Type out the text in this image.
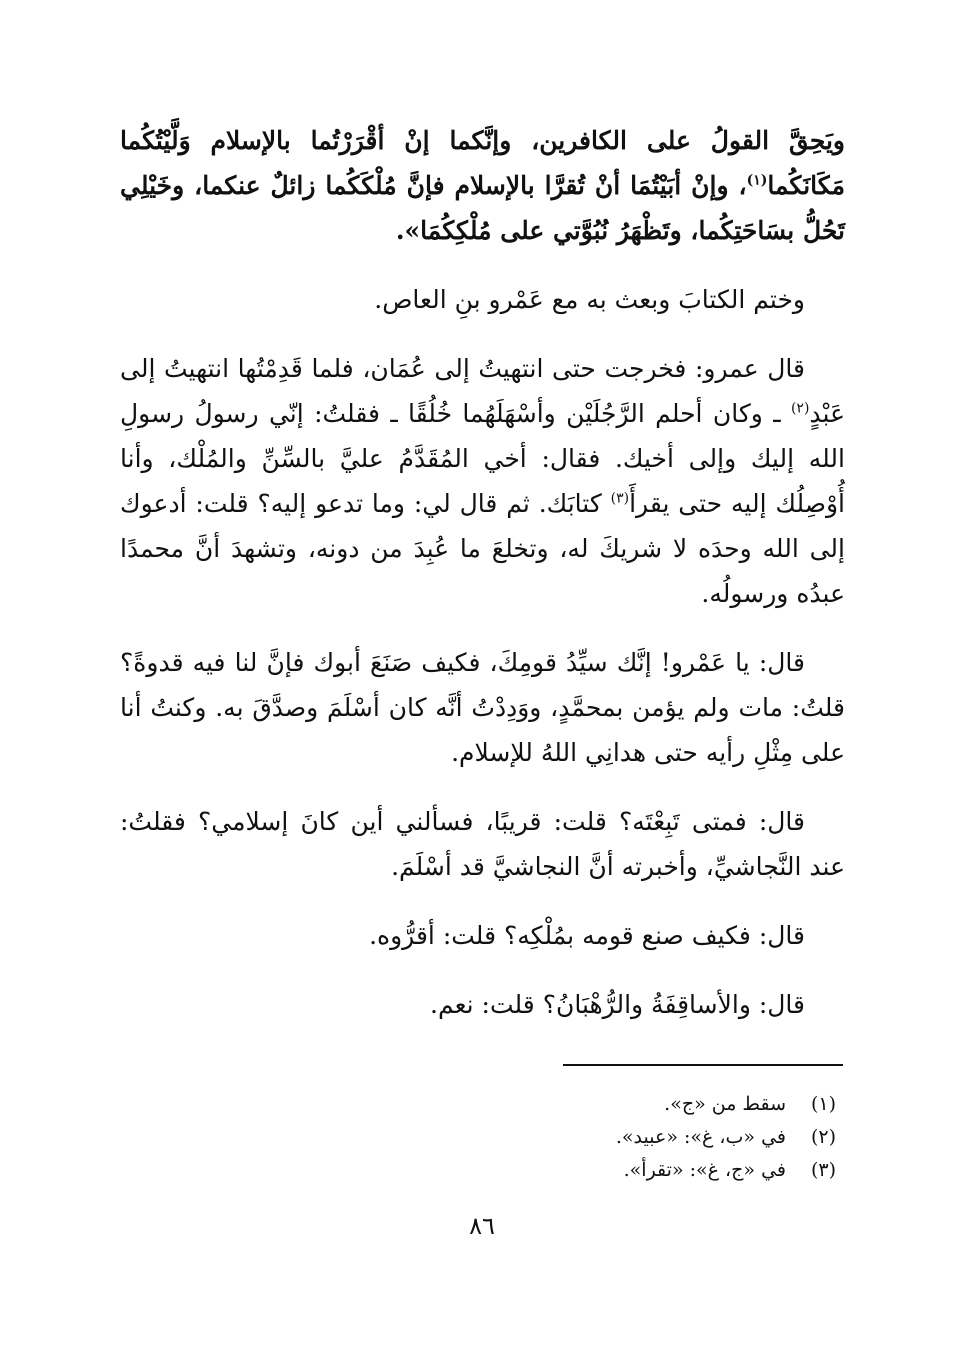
ويَحِقَّ القولُ على الكافرين، وإنَّكما إنْ أقْرَرْتُما بالإسلام وَلَّيْتُكُما مَكَانَكُما$^{(١)}$، وإنْ أبَيْتُمَا أنْ تُقرَّا بالإسلام فإنَّ مُلْكَكُما زائلٌ عنكما، وخَيْلِي تَحُلُّ بسَاحَتِكُما، وتَظْهَرُ نُبُوَّتي على مُلْكِكُمَا».

وختم الكتابَ وبعث به مع عَمْرو بنِ العاص.

قال عمرو: فخرجت حتى انتهيتُ إلى عُمَان، فلما قَدِمْتُها انتهيتُ إلى عَبْدٍ$^{(٢)}$ ـ وكان أحلم الرَّجُلَيْن وأسْهَلَهُما خُلُقًا ـ فقلتُ: إنّي رسولُ رسولِ الله إليك وإلى أخيك. فقال: أخي المُقَدَّمُ عليَّ بالسِّنِّ والمُلْك، وأنا أُوْصِلُك إليه حتى يقرأَ$^{(٣)}$ كتابَك. ثم قال لي: وما تدعو إليه؟ قلت: أدعوك إلى الله وحدَه لا شريكَ له، وتخلعَ ما عُبِدَ من دونه، وتشهدَ أنَّ محمدًا عبدُه ورسولُه.

قال: يا عَمْرو! إنَّك سيِّدُ قومِكَ، فكيف صَنَعَ أبوك فإنَّ لنا فيه قدوةً؟ قلتُ: مات ولم يؤمن بمحمَّدٍ، ووَدِدْتُ أنَّه كان أسْلَمَ وصدَّقَ به. وكنتُ أنا على مِثْلِ رأيه حتى هدانِي اللهُ للإسلام.

قال: فمتى تَبِعْتَه؟ قلت: قريبًا، فسألني أين كانَ إسلامي؟ فقلتُ: عند النَّجاشيِّ، وأخبرته أنَّ النجاشيَّ قد أسْلَمَ.

قال: فكيف صنع قومه بمُلْكِه؟ قلت: أقرُّوه.

قال: والأساقِفَةُ والرُّهْبَانُ؟ قلت: نعم.

(١)
سقط من «ج».
(٢)
في «ب، غ»: «عبيد».
(٣)
في «ج، غ»: «تقرأ».
٨٦
